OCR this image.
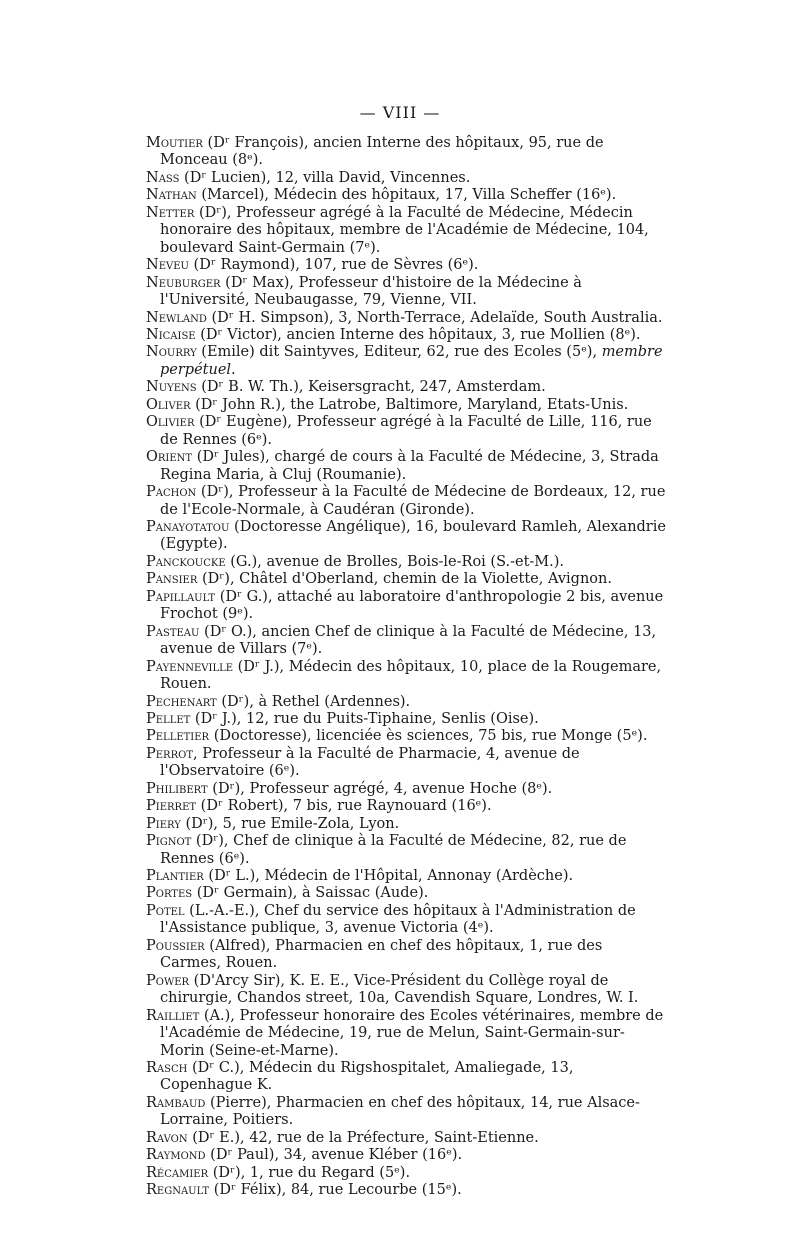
— VIII —
Moutier (Dʳ François), ancien Interne des hôpitaux, 95, rue de Monceau (8ᵉ).
Nass (Dʳ Lucien), 12, villa David, Vincennes.
Nathan (Marcel), Médecin des hôpitaux, 17, Villa Scheffer (16ᵉ).
Netter (Dʳ), Professeur agrégé à la Faculté de Médecine, Médecin honoraire des hôpitaux, membre de l'Académie de Médecine, 104, boulevard Saint-Germain (7ᵉ).
Neveu (Dʳ Raymond), 107, rue de Sèvres (6ᵉ).
Neuburger (Dʳ Max), Professeur d'histoire de la Médecine à l'Université, Neubaugasse, 79, Vienne, VII.
Newland (Dʳ H. Simpson), 3, North-Terrace, Adelaïde, South Australia.
Nicaise (Dʳ Victor), ancien Interne des hôpitaux, 3, rue Mollien (8ᵉ).
Nourry (Emile) dit Saintyves, Editeur, 62, rue des Ecoles (5ᵉ), membre perpétuel.
Nuyens (Dʳ B. W. Th.), Keisersgracht, 247, Amsterdam.
Oliver (Dʳ John R.), the Latrobe, Baltimore, Maryland, Etats-Unis.
Olivier (Dʳ Eugène), Professeur agrégé à la Faculté de Lille, 116, rue de Rennes (6ᵉ).
Orient (Dʳ Jules), chargé de cours à la Faculté de Médecine, 3, Strada Regina Maria, à Cluj (Roumanie).
Pachon (Dʳ), Professeur à la Faculté de Médecine de Bordeaux, 12, rue de l'Ecole-Normale, à Caudéran (Gironde).
Panayotatou (Doctoresse Angélique), 16, boulevard Ramleh, Alexandrie (Egypte).
Panckoucke (G.), avenue de Brolles, Bois-le-Roi (S.-et-M.).
Pansier (Dʳ), Châtel d'Oberland, chemin de la Violette, Avignon.
Papillault (Dʳ G.), attaché au laboratoire d'anthropologie 2 bis, avenue Frochot (9ᵉ).
Pasteau (Dʳ O.), ancien Chef de clinique à la Faculté de Médecine, 13, avenue de Villars (7ᵉ).
Payenneville (Dʳ J.), Médecin des hôpitaux, 10, place de la Rougemare, Rouen.
Pechenart (Dʳ), à Rethel (Ardennes).
Pellet (Dʳ J.), 12, rue du Puits-Tiphaine, Senlis (Oise).
Pelletier (Doctoresse), licenciée ès sciences, 75 bis, rue Monge (5ᵉ).
Perrot, Professeur à la Faculté de Pharmacie, 4, avenue de l'Observatoire (6ᵉ).
Philibert (Dʳ), Professeur agrégé, 4, avenue Hoche (8ᵉ).
Pierret (Dʳ Robert), 7 bis, rue Raynouard (16ᵉ).
Piery (Dʳ), 5, rue Emile-Zola, Lyon.
Pignot (Dʳ), Chef de clinique à la Faculté de Médecine, 82, rue de Rennes (6ᵉ).
Plantier (Dʳ L.), Médecin de l'Hôpital, Annonay (Ardèche).
Portes (Dʳ Germain), à Saissac (Aude).
Potel (L.-A.-E.), Chef du service des hôpitaux à l'Administration de l'Assistance publique, 3, avenue Victoria (4ᵉ).
Poussier (Alfred), Pharmacien en chef des hôpitaux, 1, rue des Carmes, Rouen.
Power (D'Arcy Sir), K. E. E., Vice-Président du Collège royal de chirurgie, Chandos street, 10a, Cavendish Square, Londres, W. I.
Railliet (A.), Professeur honoraire des Ecoles vétérinaires, membre de l'Académie de Médecine, 19, rue de Melun, Saint-Germain-sur-Morin (Seine-et-Marne).
Rasch (Dʳ C.), Médecin du Rigshospitalet, Amaliegade, 13, Copenhague K.
Rambaud (Pierre), Pharmacien en chef des hôpitaux, 14, rue Alsace-Lorraine, Poitiers.
Ravon (Dʳ E.), 42, rue de la Préfecture, Saint-Etienne.
Raymond (Dʳ Paul), 34, avenue Kléber (16ᵉ).
Récamier (Dʳ), 1, rue du Regard (5ᵉ).
Regnault (Dʳ Félix), 84, rue Lecourbe (15ᵉ).
